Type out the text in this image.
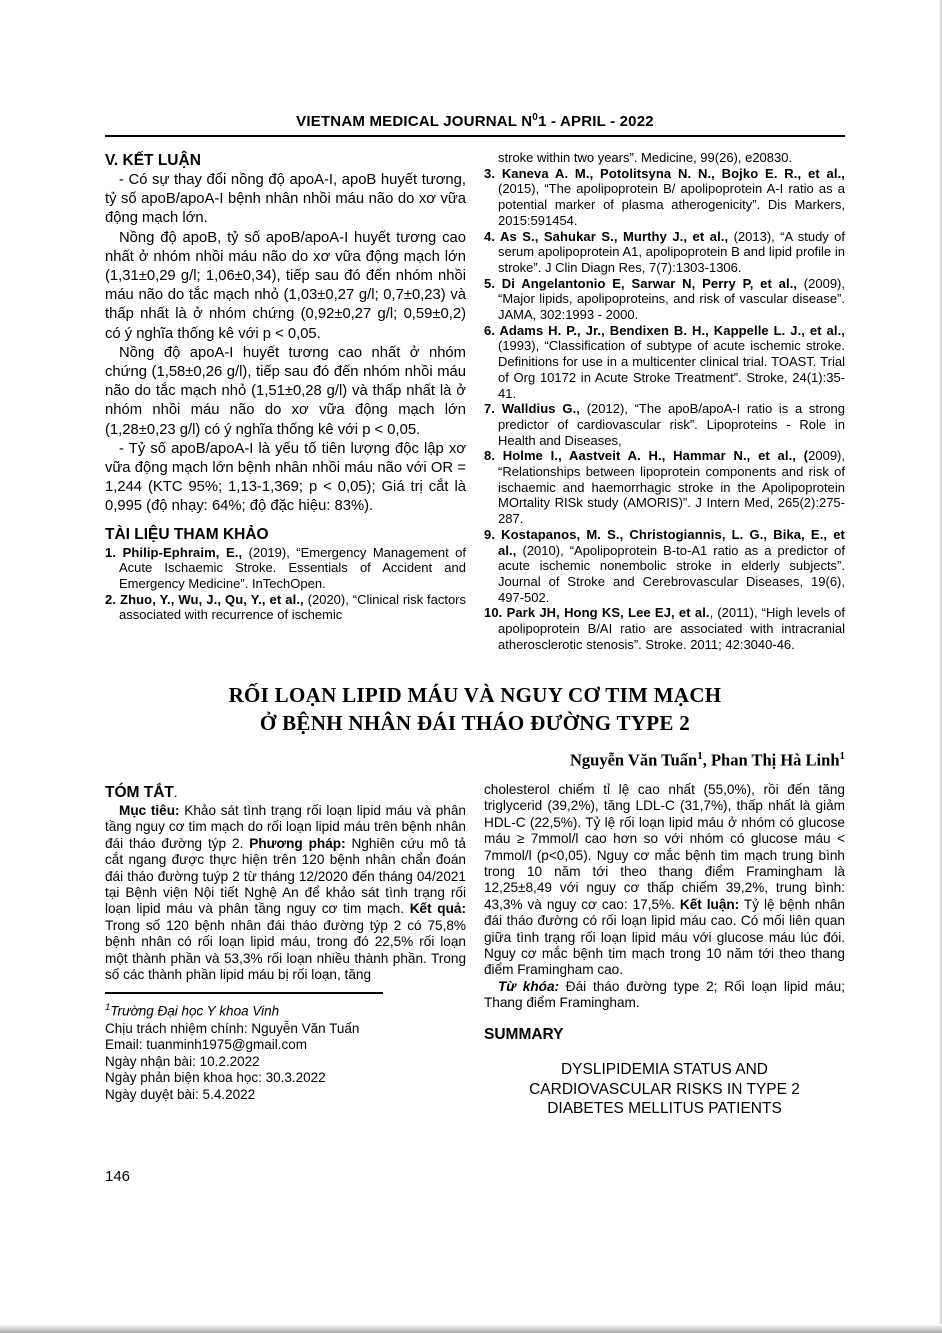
VIETNAM MEDICAL JOURNAL $N^01$ - APRIL - 2022

V. KẾT LUẬN

- Có sự thay đổi nồng độ apoA-I, apoB huyết tương, tỷ số apoB/apoA-I bệnh nhân nhồi máu não do xơ vữa động mạch lớn.

Nồng độ apoB, tỷ số apoB/apoA-I huyết tương cao nhất ở nhóm nhồi máu não do xơ vữa động mạch lớn (1,31±0,29 g/l; 1,06±0,34), tiếp sau đó đến nhóm nhồi máu não do tắc mạch nhỏ (1,03±0,27 g/l; 0,7±0,23) và thấp nhất là ở nhóm chứng (0,92±0,27 g/l; 0,59±0,2) có ý nghĩa thống kê với p < 0,05.

Nồng độ apoA-I huyết tương cao nhất ở nhóm chứng (1,58±0,26 g/l), tiếp sau đó đến nhóm nhồi máu não do tắc mạch nhỏ (1,51±0,28 g/l) và thấp nhất là ở nhóm nhồi máu não do xơ vữa động mạch lớn (1,28±0,23 g/l) có ý nghĩa thống kê với p < 0,05.

- Tỷ số apoB/apoA-I là yếu tố tiên lượng độc lập xơ vữa động mạch lớn bệnh nhân nhồi máu não với OR = 1,244 (KTC 95%; 1,13-1,369; p < 0,05); Giá trị cắt là 0,995 (độ nhạy: 64%; độ đặc hiệu: 83%).

TÀI LIỆU THAM KHẢO

1. Philip-Ephraim, E., (2019), “Emergency Management of Acute Ischaemic Stroke. Essentials of Accident and Emergency Medicine”. InTechOpen.

2. Zhuo, Y., Wu, J., Qu, Y., et al., (2020), “Clinical risk factors associated with recurrence of ischemic

stroke within two years”. Medicine, 99(26), e20830.

3. Kaneva A. M., Potolitsyna N. N., Bojko E. R., et al., (2015), “The apolipoprotein B/ apolipoprotein A-I ratio as a potential marker of plasma atherogenicity”. Dis Markers, 2015:591454.

4. As S., Sahukar S., Murthy J., et al., (2013), “A study of serum apolipoprotein A1, apolipoprotein B and lipid profile in stroke”. J Clin Diagn Res, 7(7):1303-1306.

5. Di Angelantonio E, Sarwar N, Perry P, et al., (2009), “Major lipids, apolipoproteins, and risk of vascular disease”. JAMA, 302:1993 - 2000.

6. Adams H. P., Jr., Bendixen B. H., Kappelle L. J., et al., (1993), “Classification of subtype of acute ischemic stroke. Definitions for use in a multicenter clinical trial. TOAST. Trial of Org 10172 in Acute Stroke Treatment”. Stroke, 24(1):35-41.

7. Walldius G., (2012), “The apoB/apoA-I ratio is a strong predictor of cardiovascular risk”. Lipoproteins - Role in Health and Diseases,

8. Holme I., Aastveit A. H., Hammar N., et al., (2009), “Relationships between lipoprotein components and risk of ischaemic and haemorrhagic stroke in the Apolipoprotein MOrtality RISk study (AMORIS)”. J Intern Med, 265(2):275-287.

9. Kostapanos, M. S., Christogiannis, L. G., Bika, E., et al., (2010), “Apolipoprotein B-to-A1 ratio as a predictor of acute ischemic nonembolic stroke in elderly subjects”. Journal of Stroke and Cerebrovascular Diseases, 19(6), 497-502.

10. Park JH, Hong KS, Lee EJ, et al., (2011), “High levels of apolipoprotein B/AI ratio are associated with intracranial atherosclerotic stenosis”. Stroke. 2011; 42:3040-46.

RỐI LOẠN LIPID MÁU VÀ NGUY CƠ TIM MẠCH
Ở BỆNH NHÂN ĐÁI THÁO ĐƯỜNG TYPE 2
Nguyễn Văn Tuấn$^1$, Phan Thị Hà Linh$^1$

TÓM TẮT.

Mục tiêu: Khảo sát tình trạng rối loạn lipid máu và phân tầng nguy cơ tim mạch do rối loạn lipid máu trên bệnh nhân đái tháo đường týp 2. Phương pháp: Nghiên cứu mô tả cắt ngang được thực hiện trên 120 bệnh nhân chẩn đoán đái tháo đường tuýp 2 từ tháng 12/2020 đến tháng 04/2021 tại Bệnh viện Nội tiết Nghệ An để khảo sát tình trạng rối loạn lipid máu và phân tầng nguy cơ tim mạch. Kết quả: Trong số 120 bệnh nhân đái tháo đường týp 2 có 75,8% bệnh nhân có rối loạn lipid máu, trong đó 22,5% rối loạn một thành phần và 53,3% rối loạn nhiều thành phần. Trong số các thành phần lipid máu bị rối loạn, tăng

$^1$Trường Đại học Y khoa Vinh

Chịu trách nhiệm chính: Nguyễn Văn Tuấn

Email: tuanminh1975@gmail.com

Ngày nhận bài: 10.2.2022

Ngày phản biện khoa học: 30.3.2022

Ngày duyệt bài: 5.4.2022

cholesterol chiếm tỉ lệ cao nhất (55,0%), rồi đến tăng triglycerid (39,2%), tăng LDL-C (31,7%), thấp nhất là giảm HDL-C (22,5%). Tỷ lệ rối loạn lipid máu ở nhóm có glucose máu ≥ 7mmol/l cao hơn so với nhóm có glucose máu < 7mmol/l (p<0,05). Nguy cơ mắc bệnh tim mạch trung bình trong 10 năm tới theo thang điểm Framingham là 12,25±8,49 với nguy cơ thấp chiếm 39,2%, trung bình: 43,3% và nguy cơ cao: 17,5%. Kết luận: Tỷ lệ bệnh nhân đái tháo đường có rối loạn lipid máu cao. Có mối liên quan giữa tình trạng rối loạn lipid máu với glucose máu lúc đói. Nguy cơ mắc bệnh tim mạch trong 10 năm tới theo thang điểm Framingham cao.

Từ khóa: Đái tháo đường type 2; Rối loạn lipid máu; Thang điểm Framingham.

SUMMARY

DYSLIPIDEMIA STATUS AND CARDIOVASCULAR RISKS IN TYPE 2 DIABETES MELLITUS PATIENTS

146
